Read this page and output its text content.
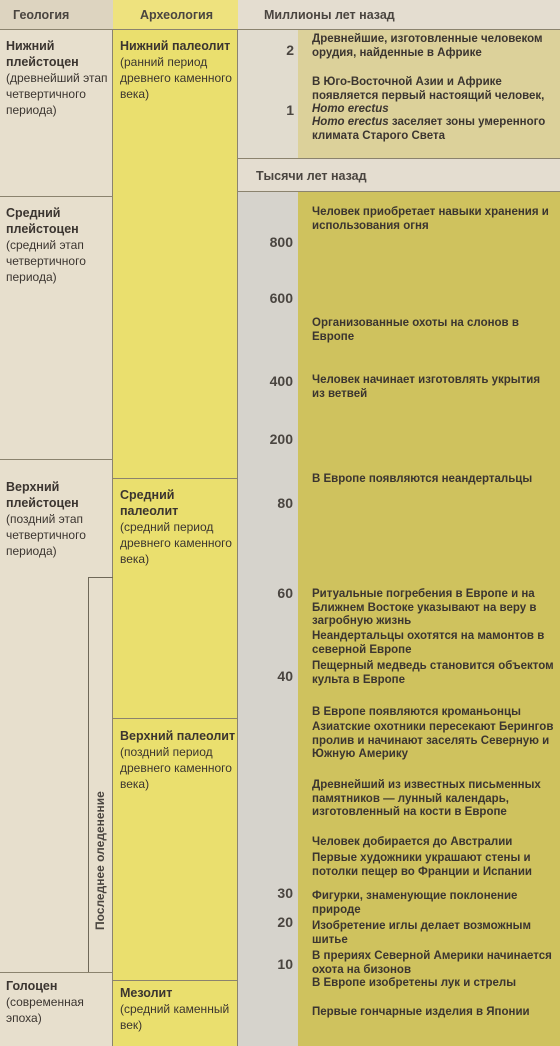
Геология	Археология	Миллионы лет назад
Тысячи лет назад
Нижний плейстоцен
(древнейший этап четвертичного периода)
Средний плейстоцен
(средний этап четвертичного периода)
Верхний плейстоцен
(поздний этап четвертичного периода)
Голоцен
(современная эпоха)
Последнее оледенение
Нижний палеолит
(ранний период древнего каменного века)
Средний палеолит
(средний период древнего каменного века)
Верхний палеолит
(поздний период древнего каменного века)
Мезолит
(средний каменный век)
2
1
800
600
400
200
80
60
40
30
20
10
Древнейшие, изготовленные человеком орудия, найденные в Африке
В Юго-Восточной Азии и Африке появляется первый настоящий человек, Homo erectus
Homo erectus заселяет зоны умеренного климата Старого Света
Человек приобретает навыки хранения и использования огня
Организованные охоты на слонов в Европе
Человек начинает изготовлять укрытия из ветвей
В Европе появляются неандертальцы
Ритуальные погребения в Европе и на Ближнем Востоке указывают на веру в загробную жизнь
Неандертальцы охотятся на мамонтов в северной Европе
Пещерный медведь становится объектом культа в Европе
В Европе появляются кроманьонцы
Азиатские охотники пересекают Берингов пролив и начинают заселять Северную и Южную Америку
Древнейший из известных письменных памятников — лунный календарь, изготовленный на кости в Европе
Человек добирается до Австралии
Первые художники украшают стены и потолки пещер во Франции и Испании
Фигурки, знаменующие поклонение природе
Изобретение иглы делает возможным шитье
В прериях Северной Америки начинается охота на бизонов
В Европе изобретены лук и стрелы
Первые гончарные изделия в Японии
